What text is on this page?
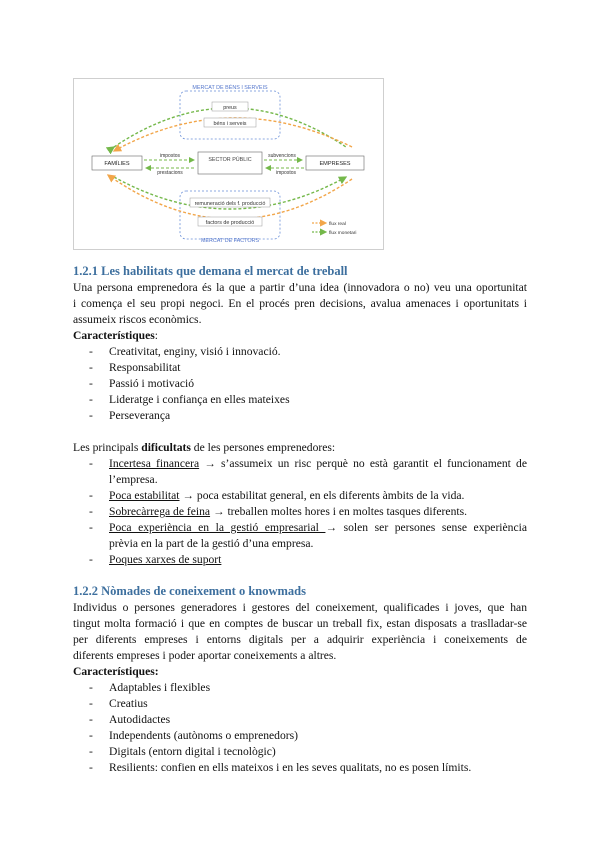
MERCAT DE BÉNS I SERVEIS
MERCAT DE FACTORS
preus
béns i serveis
remuneració dels f. producció
factors de producció
FAMÍLIES
SECTOR PÚBLIC
EMPRESES
impostos
prestacions
subvencions
impostos
flux real
flux monetari
1.2.1 Les habilitats que demana el mercat de treball
Una persona emprenedora és la que a partir d’una idea (innovadora o no) veu una oportunitat
i comença el seu propi negoci. En el procés pren decisions, avalua amenaces i oportunitats i
assumeix riscos econòmics.
Característiques:
- Creativitat, enginy, visió i innovació.
- Responsabilitat
- Passió i motivació
- Lideratge i confiança en elles mateixes
- Perseverança
Les principals dificultats de les persones emprenedores:
- Incertesa financera → s’assumeix un risc perquè no està garantit el funcionament de
l’empresa.
- Poca estabilitat → poca estabilitat general, en els diferents àmbits de la vida.
- Sobrecàrrega de feina → treballen moltes hores i en moltes tasques diferents.
- Poca experiència en la gestió empresarial → solen ser persones sense experiència
prèvia en la part de la gestió d’una empresa.
- Poques xarxes de suport
1.2.2 Nòmades de coneixement o knowmads
Individus o persones generadores i gestores del coneixement, qualificades i joves, que han
tingut molta formació i que en comptes de buscar un treball fix, estan disposats a traslladar-se
per diferents empreses i entorns digitals per a adquirir experiència i coneixements de
diferents empreses i poder aportar coneixements a altres.
Característiques:
- Adaptables i flexibles
- Creatius
- Autodidactes
- Independents (autònoms o emprenedors)
- Digitals (entorn digital i tecnològic)
- Resilients: confien en ells mateixos i en les seves qualitats, no es posen límits.
